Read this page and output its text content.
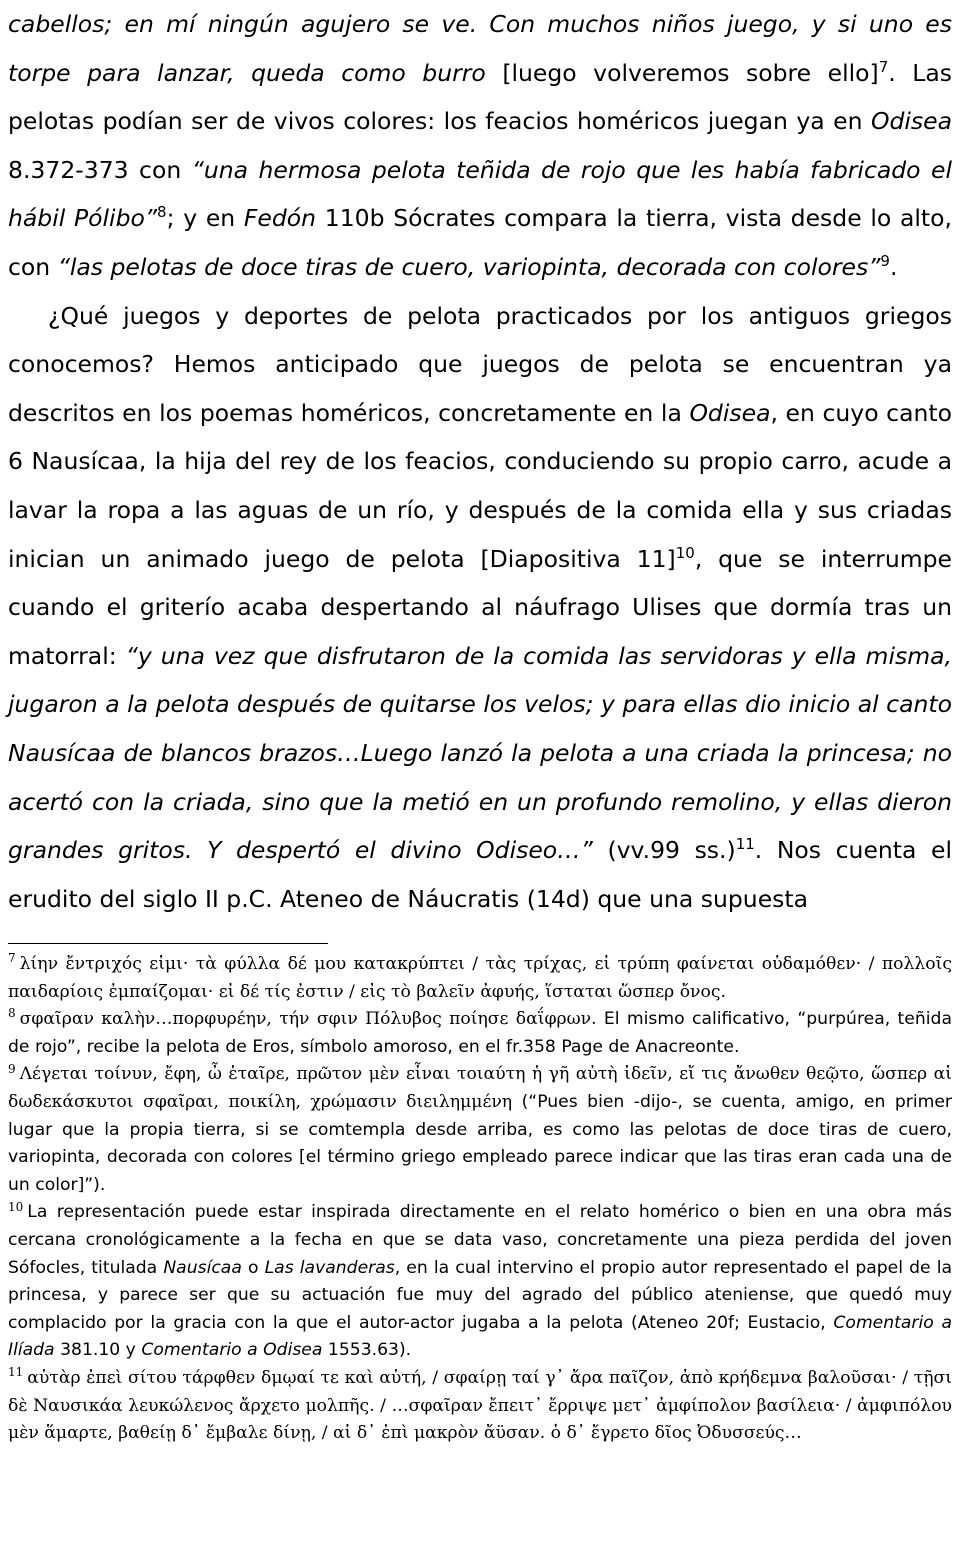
cabellos; en mí ningún agujero se ve. Con muchos niños juego, y si uno es torpe para lanzar, queda como burro [luego volveremos sobre ello]$^7$. Las pelotas podían ser de vivos colores: los feacios homéricos juegan ya en Odisea 8.372-373 con “una hermosa pelota teñida de rojo que les había fabricado el hábil Pólibo”$^8$; y en Fedón 110b Sócrates compara la tierra, vista desde lo alto, con “las pelotas de doce tiras de cuero, variopinta, decorada con colores”$^9$.

¿Qué juegos y deportes de pelota practicados por los antiguos griegos conocemos? Hemos anticipado que juegos de pelota se encuentran ya descritos en los poemas homéricos, concretamente en la Odisea, en cuyo canto 6 Nausícaa, la hija del rey de los feacios, conduciendo su propio carro, acude a lavar la ropa a las aguas de un río, y después de la comida ella y sus criadas inician un animado juego de pelota [Diapositiva 11]$^{10}$, que se interrumpe cuando el griterío acaba despertando al náufrago Ulises que dormía tras un matorral: “y una vez que disfrutaron de la comida las servidoras y ella misma, jugaron a la pelota después de quitarse los velos; y para ellas dio inicio al canto Nausícaa de blancos brazos…Luego lanzó la pelota a una criada la princesa; no acertó con la criada, sino que la metió en un profundo remolino, y ellas dieron grandes gritos. Y despertó el divino Odiseo…” (vv.99 ss.)$^{11}$. Nos cuenta el erudito del siglo II p.C. Ateneo de Náucratis (14d) que una supuesta

$^7$ λίην ἔντριχός εἰμι· τὰ φύλλα δέ μου κατακρύπτει / τὰς τρίχας, εἰ τρύπη φαίνεται οὐδαμόθεν· / πολλοῖς παιδαρίοις ἐμπαίζομαι· εἰ δέ τίς ἐστιν / εἰς τὸ βαλεῖν ἀφυής, ἵσταται ὥσπερ ὄνος.

$^8$ σφαῖραν καλὴν…πορφυρέην, τήν σφιν Πόλυβος ποίησε δαΐφρων. El mismo calificativo, “purpúrea, teñida de rojo”, recibe la pelota de Eros, símbolo amoroso, en el fr.358 Page de Anacreonte.

$^9$ Λέγεται τοίνυν, ἔφη, ὦ ἑταῖρε, πρῶτον μὲν εἶναι τοιαύτη ἡ γῆ αὐτὴ ἰδεῖν, εἴ τις ἄνωθεν θεῷτο, ὥσπερ αἱ δωδεκάσκυτοι σφαῖραι, ποικίλη, χρώμασιν διειλημμένη (“Pues bien -dijo-, se cuenta, amigo, en primer lugar que la propia tierra, si se comtempla desde arriba, es como las pelotas de doce tiras de cuero, variopinta, decorada con colores [el término griego empleado parece indicar que las tiras eran cada una de un color]”).

$^{10}$ La representación puede estar inspirada directamente en el relato homérico o bien en una obra más cercana cronológicamente a la fecha en que se data vaso, concretamente una pieza perdida del joven Sófocles, titulada Nausícaa o Las lavanderas, en la cual intervino el propio autor representado el papel de la princesa, y parece ser que su actuación fue muy del agrado del público ateniense, que quedó muy complacido por la gracia con la que el autor-actor jugaba a la pelota (Ateneo 20f; Eustacio, Comentario a Ilíada 381.10 y Comentario a Odisea 1553.63).

$^{11}$ αὐτὰρ ἐπεὶ σίτου τάρφθεν δμῳαί τε καὶ αὐτή, / σφαίρῃ ταί γ᾽ ἄρα παῖζον, ἀπὸ κρήδεμνα βαλοῦσαι· / τῇσι δὲ Ναυσικάα λευκώλενος ἄρχετο μολπῆς. / …σφαῖραν ἔπειτ᾽ ἔρριψε μετ᾽ ἀμφίπολον βασίλεια· / ἀμφιπόλου μὲν ἅμαρτε, βαθείῃ δ᾽ ἔμβαλε δίνῃ, / αἱ δ᾽ ἐπὶ μακρὸν ἄϋσαν. ὁ δ᾽ ἔγρετο δῖος Ὀδυσσεύς…
